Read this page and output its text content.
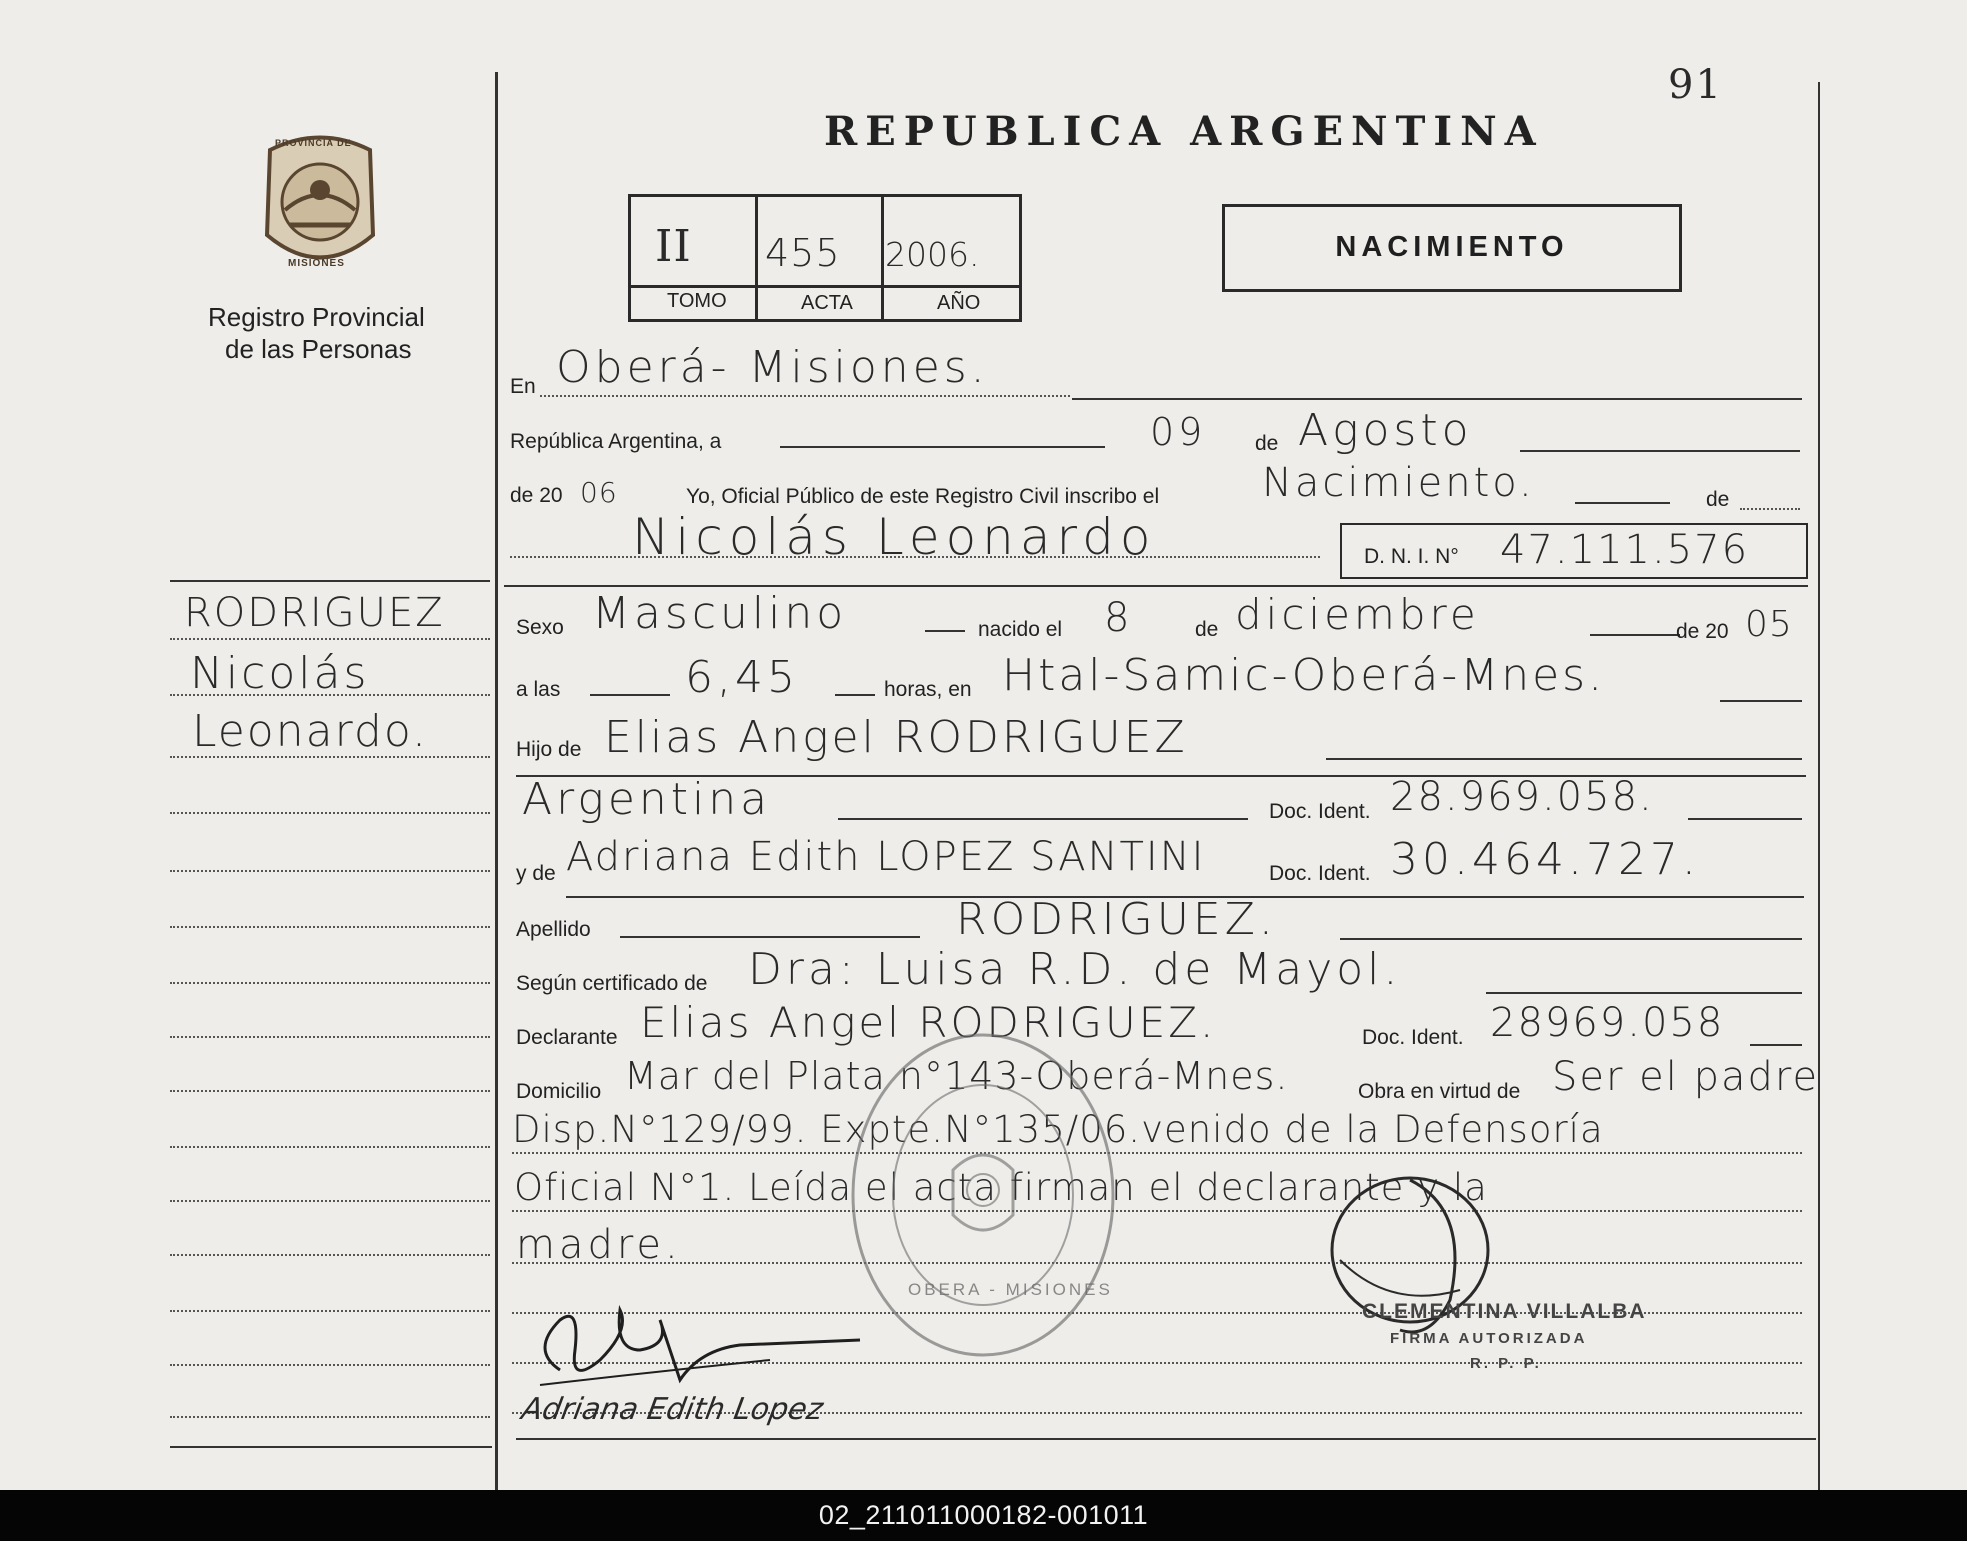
91
PROVINCIA DE
MISIONES
Registro Provincial
de las Personas
REPUBLICA ARGENTINA
II 455 2006.
TOMO	ACTA	AÑO
NACIMIENTO
En Oberá- Misiones.
República Argentina, a	09 de Agosto
de 20 06	Yo, Oficial Público de este Registro Civil inscribo el	Nacimiento.	de
Nicolás Leonardo	D. N. I. N° 47.111.576
Sexo Masculino	nacido el 8	de diciembre	de 20 05
a las	6,45	horas, en Htal-Samic-Oberá-Mnes.
Hijo de Elias Angel RODRIGUEZ
Argentina	Doc. Ident. 28.969.058.
y de Adriana Edith LOPEZ SANTINI	Doc. Ident. 30.464.727.
Apellido	RODRIGUEZ.
Según certificado de Dra: Luisa R.D. de Mayol.
Declarante Elias Angel RODRIGUEZ.	Doc. Ident. 28969.058
Domicilio Mar del Plata n°143-Oberá-Mnes.	Obra en virtud de Ser el padre
Disp.N°129/99. Expte.N°135/06.venido de la Defensoría
Oficial N°1. Leída el acta firman el declarante y la
madre.
RODRIGUEZ
Nicolás
Leonardo.
OBERA - MISIONES
CLEMENTINA VILLALBA
FIRMA AUTORIZADA
R. P. P.
Adriana Edith Lopez
02_211011000182-001011
